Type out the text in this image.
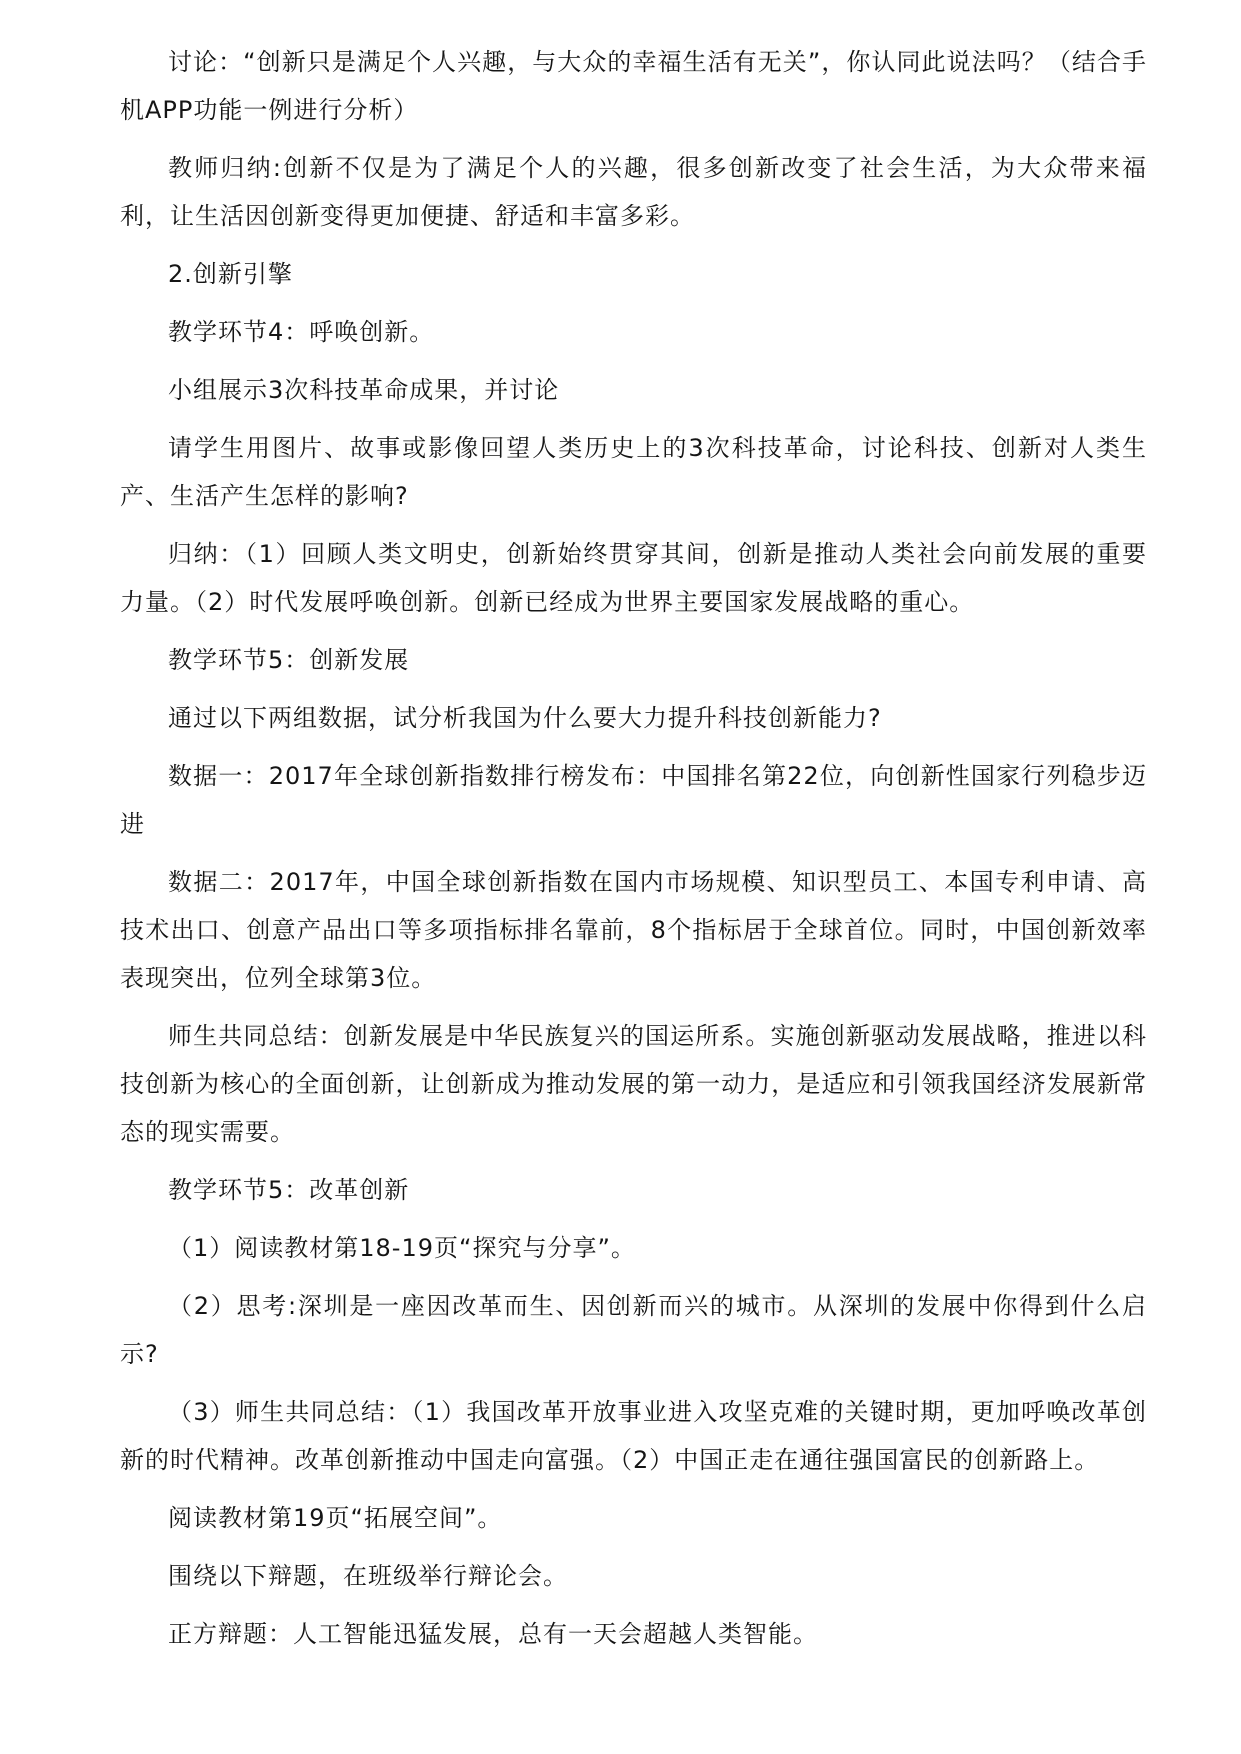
讨论：“创新只是满足个人兴趣，与大众的幸福生活有无关”，你认同此说法吗？（结合手机APP功能一例进行分析）

教师归纳:创新不仅是为了满足个人的兴趣，很多创新改变了社会生活，为大众带来福利，让生活因创新变得更加便捷、舒适和丰富多彩。

2.创新引擎

教学环节4：呼唤创新。

小组展示3次科技革命成果，并讨论

请学生用图片、故事或影像回望人类历史上的3次科技革命，讨论科技、创新对人类生产、生活产生怎样的影响?

归纳：（1）回顾人类文明史，创新始终贯穿其间，创新是推动人类社会向前发展的重要力量。（2）时代发展呼唤创新。创新已经成为世界主要国家发展战略的重心。

教学环节5：创新发展

通过以下两组数据，试分析我国为什么要大力提升科技创新能力?

数据一：2017年全球创新指数排行榜发布：中国排名第22位，向创新性国家行列稳步迈进

数据二：2017年，中国全球创新指数在国内市场规模、知识型员工、本国专利申请、高技术出口、创意产品出口等多项指标排名靠前，8个指标居于全球首位。同时，中国创新效率表现突出，位列全球第3位。

师生共同总结：创新发展是中华民族复兴的国运所系。实施创新驱动发展战略，推进以科技创新为核心的全面创新，让创新成为推动发展的第一动力，是适应和引领我国经济发展新常态的现实需要。

教学环节5：改革创新

（1）阅读教材第18-19页“探究与分享”。

（2）思考:深圳是一座因改革而生、因创新而兴的城市。从深圳的发展中你得到什么启示?

（3）师生共同总结：（1）我国改革开放事业进入攻坚克难的关键时期，更加呼唤改革创新的时代精神。改革创新推动中国走向富强。（2）中国正走在通往强国富民的创新路上。

阅读教材第19页“拓展空间”。

围绕以下辩题，在班级举行辩论会。

正方辩题：人工智能迅猛发展，总有一天会超越人类智能。
